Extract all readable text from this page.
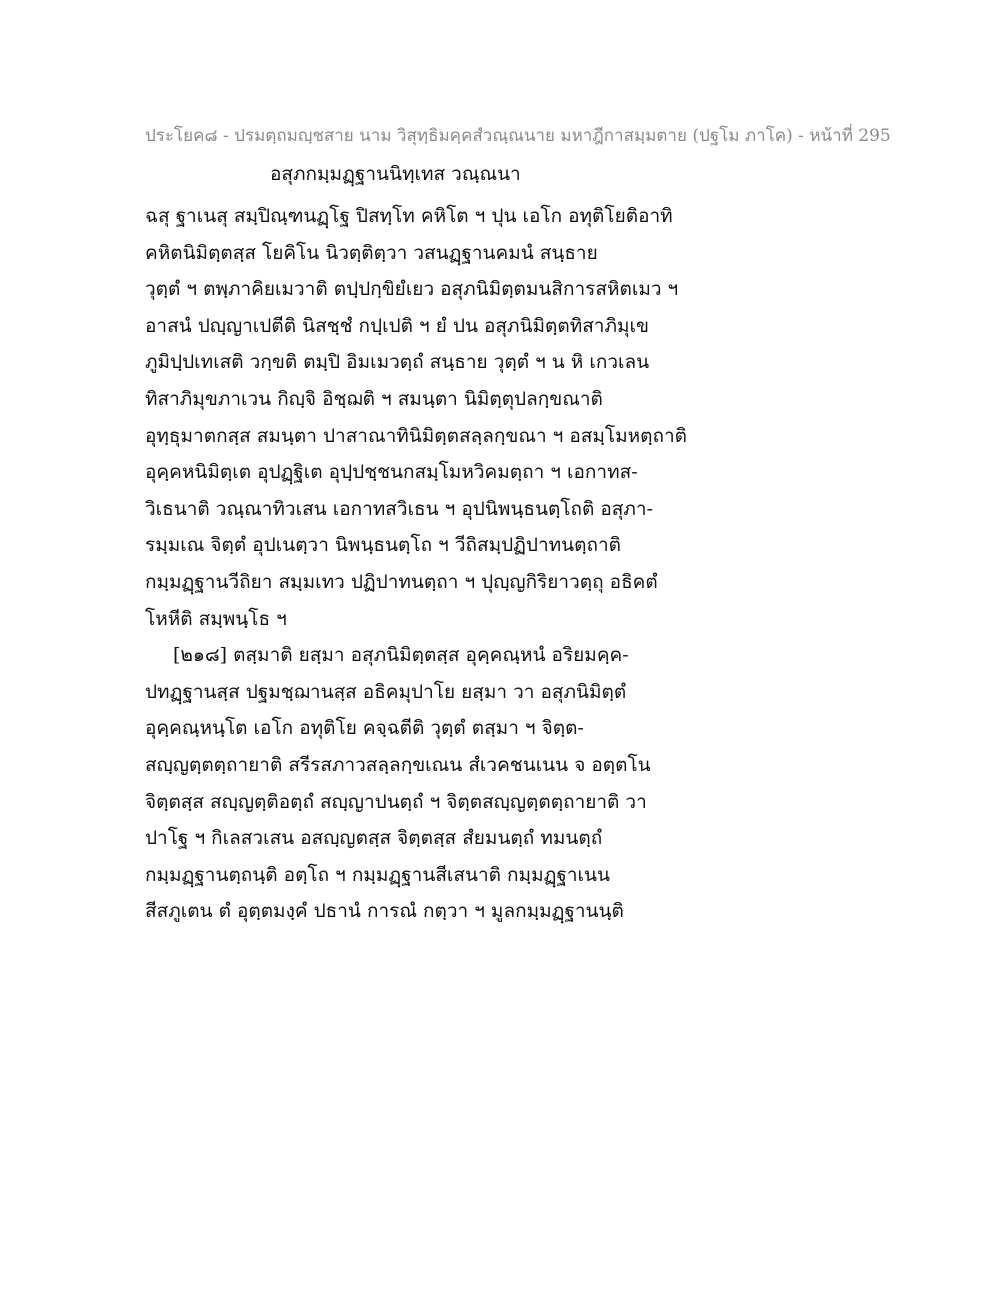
ประโยค๘ - ปรมตฺถมญฺชสาย นาม วิสุทฺธิมคฺคสํวณฺณนาย มหาฎีกาสมฺมตาย (ปฐโม ภาโค) - หน้าที่ 295
อสุภกมฺมฏฺฐานนิทฺเทส วณฺณนา
ฉสุ ฐาเนสุ สมฺปิณฺฑนฏฺโฐ ปิสทฺโท คหิโต ฯ ปุน เอโก อทุติโยติอาทิ
คหิตนิมิตฺตสฺส โยคิโน นิวตฺติตฺวา วสนฏฺฐานคมนํ สนฺธาย
วุตฺตํ ฯ ตพฺภาคิยเมวาติ ตปฺปกฺขิยํเยว อสุภนิมิตฺตมนสิการสหิตเมว ฯ
อาสนํ ปญฺญาเปตีติ นิสชฺชํ กปฺเปติ ฯ ยํ ปน อสุภนิมิตฺตทิสาภิมุเข
ภูมิปฺปเทเสติ วกฺขติ ตมฺปิ อิมเมวตฺถํ สนฺธาย วุตฺตํ ฯ น หิ เกวเลน
ทิสาภิมุขภาเวน กิญฺจิ อิชฺฌติ ฯ สมนฺตา นิมิตฺตุปลกฺขณาติ
อุทฺธุมาตกสฺส สมนฺตา ปาสาณาทินิมิตฺตสลฺลกฺขณา ฯ อสมฺโมหตฺถาติ
อุคฺคหนิมิตฺเต อุปฏฺฐิเต อุปฺปชฺชนกสมฺโมหวิคมตฺถา ฯ เอกาทส-
วิเธนาติ วณฺณาทิวเสน เอกาทสวิเธน ฯ อุปนิพนฺธนตฺโถติ อสุภา-
รมฺมเณ จิตฺตํ อุปเนตฺวา นิพนฺธนตฺโถ ฯ วีถิสมฺปฏิปาทนตฺถาติ
กมฺมฏฺฐานวีถิยา สมฺมเทว ปฏิปาทนตฺถา ฯ ปุญฺญกิริยาวตฺถุ อธิคตํ
โหหีติ สมฺพนฺโธ ฯ
[๒๑๘] ตสฺมาติ ยสฺมา อสุภนิมิตฺตสฺส อุคฺคณฺหนํ อริยมคฺค-
ปทฏฺฐานสฺส ปฐมชฺฌานสฺส อธิคมุปาโย ยสฺมา วา อสุภนิมิตฺตํ
อุคฺคณฺหนฺโต เอโก อทุติโย คจฺฉตีติ วุตฺตํ ตสฺมา ฯ จิตฺต-
สญฺญตฺตตฺถายาติ สรีรสภาวสลฺลกฺขเณน สํเวคชนเนน จ อตฺตโน
จิตฺตสฺส สญฺญตฺติอตฺถํ สญฺญาปนตฺถํ ฯ จิตฺตสญฺญตฺตตฺถายาติ วา
ปาโฐ ฯ กิเลสวเสน อสญฺญตสฺส จิตฺตสฺส สํยมนตฺถํ ทมนตฺถํ
กมฺมฏฺฐานตฺถนฺติ อตฺโถ ฯ กมฺมฏฺฐานสีเสนาติ กมฺมฏฺฐาเนน
สีสภูเตน ตํ อุตฺตมงฺคํ ปธานํ การณํ กตฺวา ฯ มูลกมฺมฏฺฐานนฺติ
